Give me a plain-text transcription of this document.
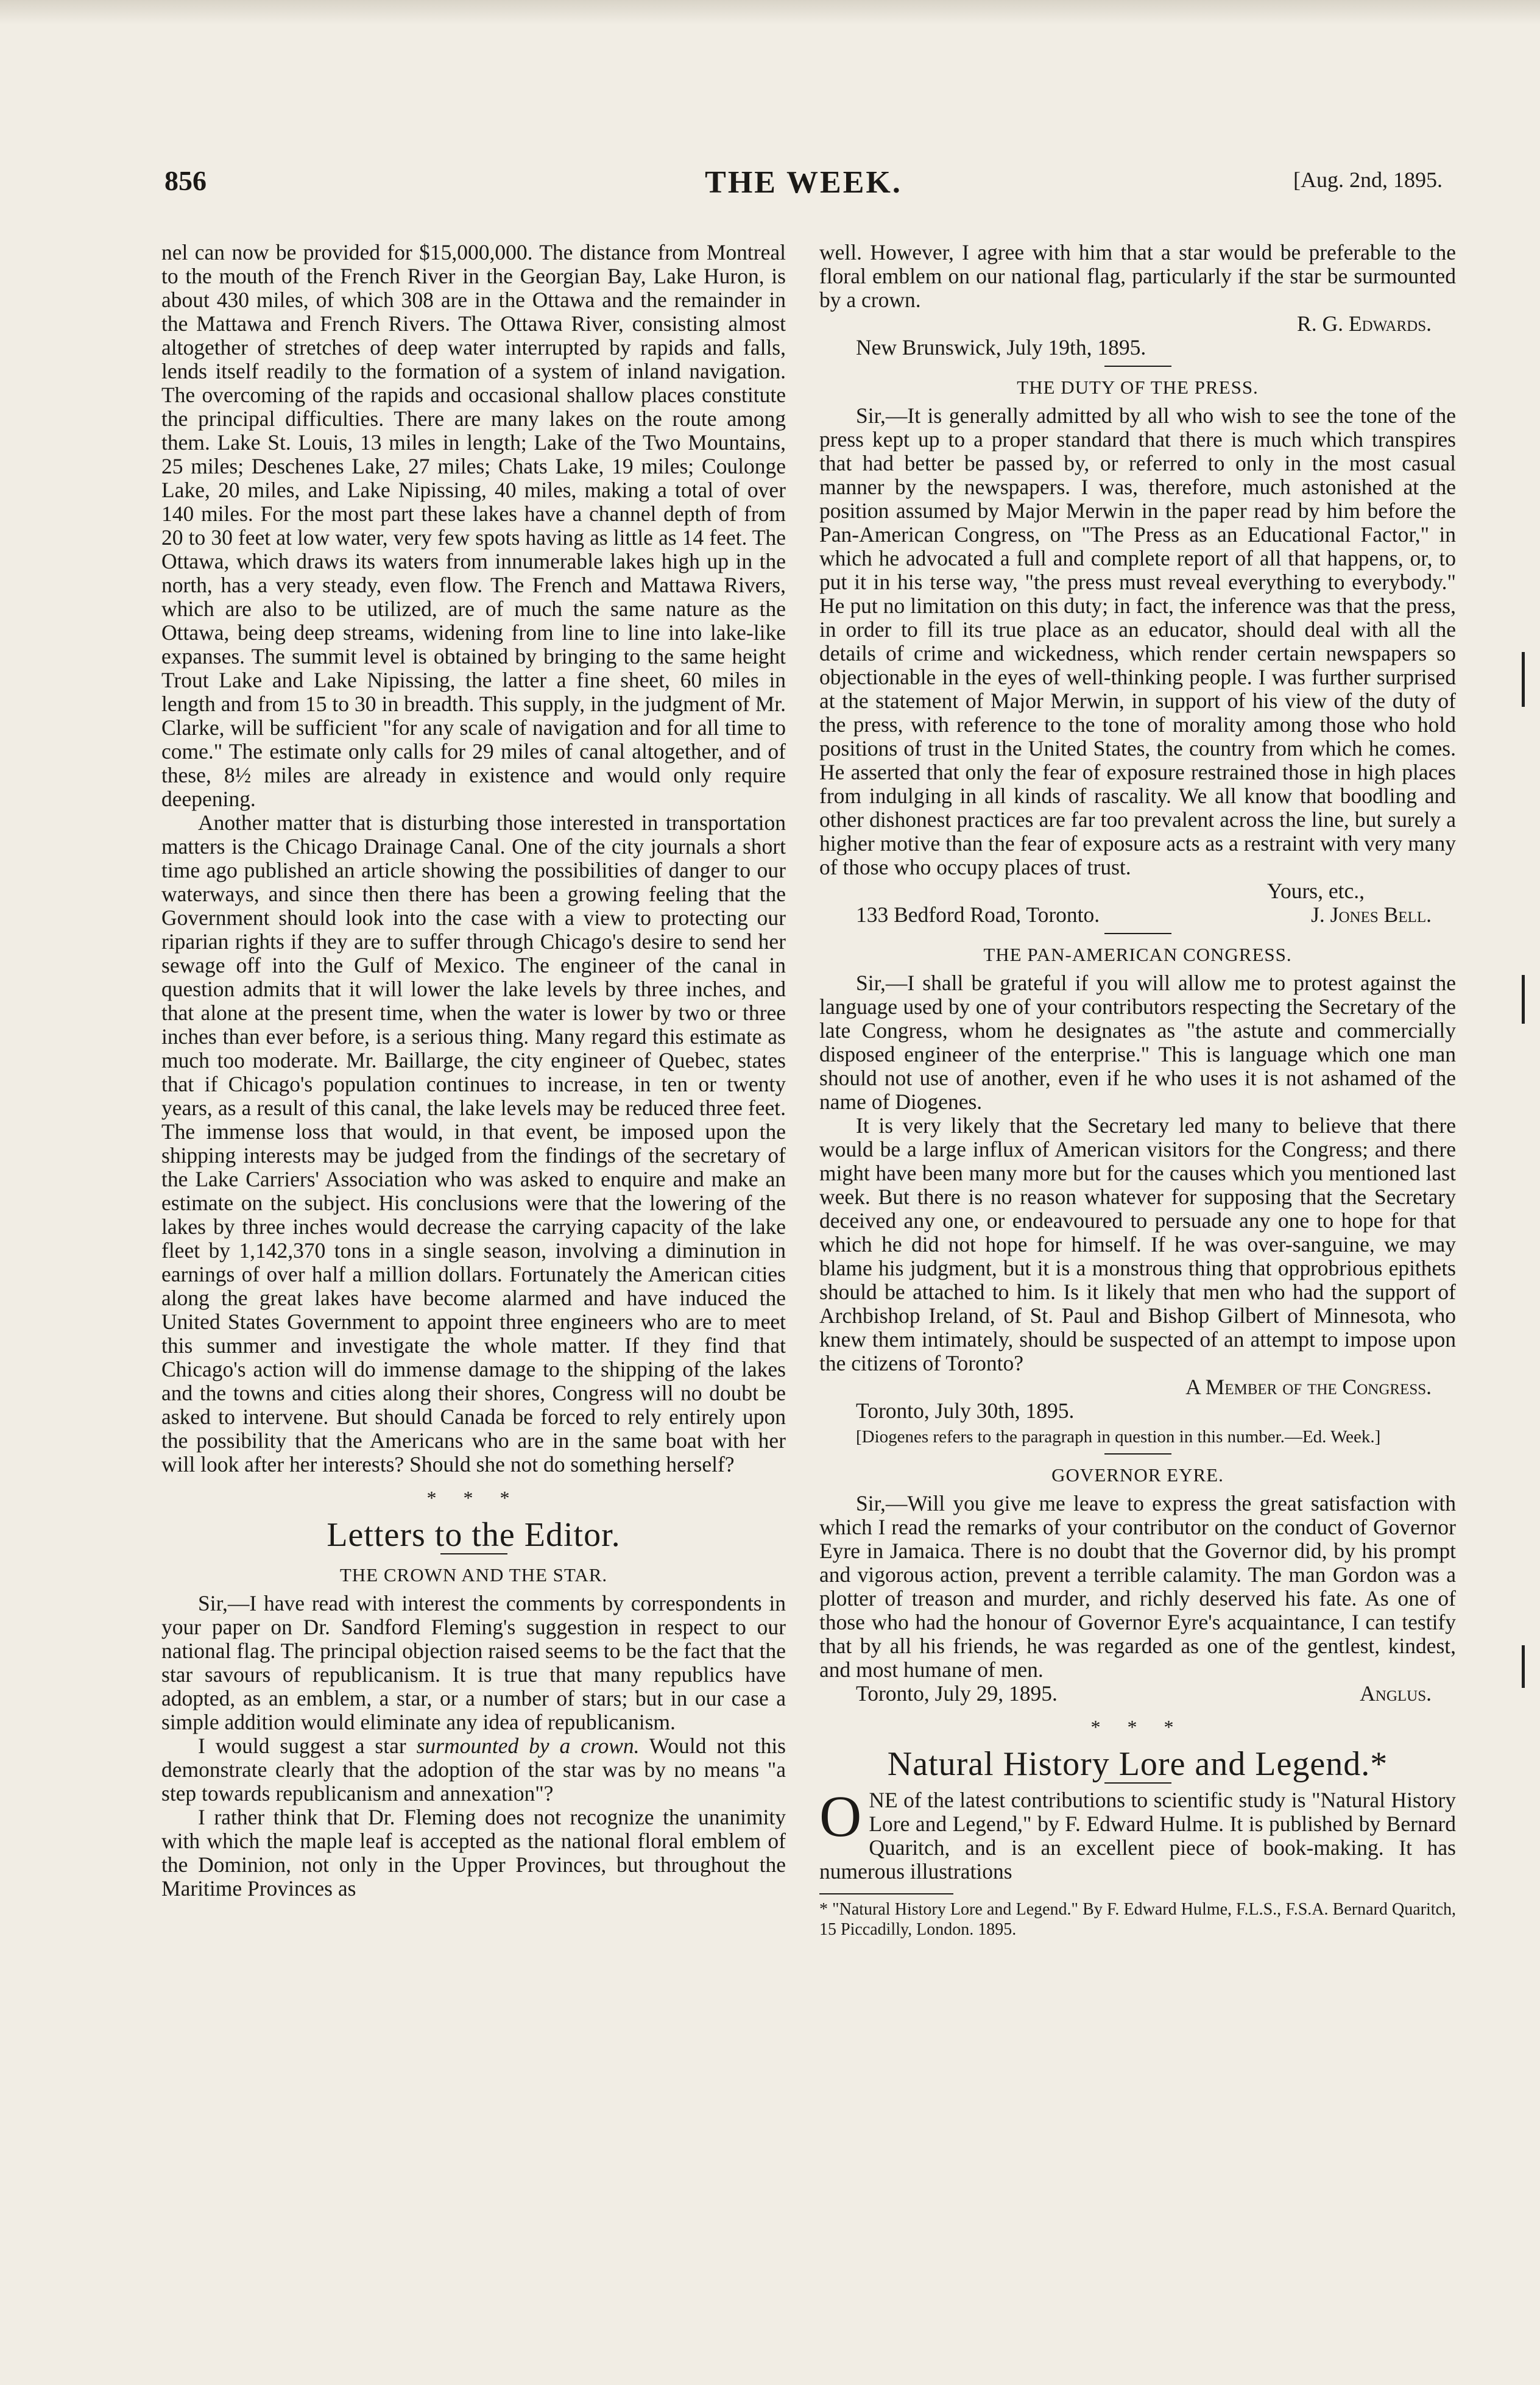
856	THE WEEK.	[Aug. 2nd, 1895.

nel can now be provided for $15,000,000. The distance from Montreal to the mouth of the French River in the Georgian Bay, Lake Huron, is about 430 miles, of which 308 are in the Ottawa and the remainder in the Mattawa and French Rivers. The Ottawa River, consisting almost altogether of stretches of deep water interrupted by rapids and falls, lends itself readily to the formation of a system of inland navigation. The overcoming of the rapids and occasional shallow places constitute the principal difficulties. There are many lakes on the route among them. Lake St. Louis, 13 miles in length; Lake of the Two Mountains, 25 miles; Deschenes Lake, 27 miles; Chats Lake, 19 miles; Coulonge Lake, 20 miles, and Lake Nipissing, 40 miles, making a total of over 140 miles. For the most part these lakes have a channel depth of from 20 to 30 feet at low water, very few spots having as little as 14 feet. The Ottawa, which draws its waters from innumerable lakes high up in the north, has a very steady, even flow. The French and Mattawa Rivers, which are also to be utilized, are of much the same nature as the Ottawa, being deep streams, widening from line to line into lake-like expanses. The summit level is obtained by bringing to the same height Trout Lake and Lake Nipissing, the latter a fine sheet, 60 miles in length and from 15 to 30 in breadth. This supply, in the judgment of Mr. Clarke, will be sufficient "for any scale of navigation and for all time to come." The estimate only calls for 29 miles of canal altogether, and of these, 8½ miles are already in existence and would only require deepening.

Another matter that is disturbing those interested in transportation matters is the Chicago Drainage Canal. One of the city journals a short time ago published an article showing the possibilities of danger to our waterways, and since then there has been a growing feeling that the Government should look into the case with a view to protecting our riparian rights if they are to suffer through Chicago's desire to send her sewage off into the Gulf of Mexico. The engineer of the canal in question admits that it will lower the lake levels by three inches, and that alone at the present time, when the water is lower by two or three inches than ever before, is a serious thing. Many regard this estimate as much too moderate. Mr. Baillarge, the city engineer of Quebec, states that if Chicago's population continues to increase, in ten or twenty years, as a result of this canal, the lake levels may be reduced three feet. The immense loss that would, in that event, be imposed upon the shipping interests may be judged from the findings of the secretary of the Lake Carriers' Association who was asked to enquire and make an estimate on the subject. His conclusions were that the lowering of the lakes by three inches would decrease the carrying capacity of the lake fleet by 1,142,370 tons in a single season, involving a diminution in earnings of over half a million dollars. Fortunately the American cities along the great lakes have become alarmed and have induced the United States Government to appoint three engineers who are to meet this summer and investigate the whole matter. If they find that Chicago's action will do immense damage to the shipping of the lakes and the towns and cities along their shores, Congress will no doubt be asked to intervene. But should Canada be forced to rely entirely upon the possibility that the Americans who are in the same boat with her will look after her interests? Should she not do something herself?

* * *
Letters to the Editor.
THE CROWN AND THE STAR.

Sir,—I have read with interest the comments by correspondents in your paper on Dr. Sandford Fleming's suggestion in respect to our national flag. The principal objection raised seems to be the fact that the star savours of republicanism. It is true that many republics have adopted, as an emblem, a star, or a number of stars; but in our case a simple addition would eliminate any idea of republicanism.

I would suggest a star surmounted by a crown. Would not this demonstrate clearly that the adoption of the star was by no means "a step towards republicanism and annexation"?

I rather think that Dr. Fleming does not recognize the unanimity with which the maple leaf is accepted as the national floral emblem of the Dominion, not only in the Upper Provinces, but throughout the Maritime Provinces as

well. However, I agree with him that a star would be preferable to the floral emblem on our national flag, particularly if the star be surmounted by a crown.

R. G. Edwards.

New Brunswick, July 19th, 1895.

THE DUTY OF THE PRESS.

Sir,—It is generally admitted by all who wish to see the tone of the press kept up to a proper standard that there is much which transpires that had better be passed by, or referred to only in the most casual manner by the newspapers. I was, therefore, much astonished at the position assumed by Major Merwin in the paper read by him before the Pan-American Congress, on "The Press as an Educational Factor," in which he advocated a full and complete report of all that happens, or, to put it in his terse way, "the press must reveal everything to everybody." He put no limitation on this duty; in fact, the inference was that the press, in order to fill its true place as an educator, should deal with all the details of crime and wickedness, which render certain newspapers so objectionable in the eyes of well-thinking people. I was further surprised at the statement of Major Merwin, in support of his view of the duty of the press, with reference to the tone of morality among those who hold positions of trust in the United States, the country from which he comes. He asserted that only the fear of exposure restrained those in high places from indulging in all kinds of rascality. We all know that boodling and other dishonest practices are far too prevalent across the line, but surely a higher motive than the fear of exposure acts as a restraint with very many of those who occupy places of trust.

Yours, etc.,
133 Bedford Road, Toronto.	J. Jones Bell.
THE PAN-AMERICAN CONGRESS.

Sir,—I shall be grateful if you will allow me to protest against the language used by one of your contributors respecting the Secretary of the late Congress, whom he designates as "the astute and commercially disposed engineer of the enterprise." This is language which one man should not use of another, even if he who uses it is not ashamed of the name of Diogenes.

It is very likely that the Secretary led many to believe that there would be a large influx of American visitors for the Congress; and there might have been many more but for the causes which you mentioned last week. But there is no reason whatever for supposing that the Secretary deceived any one, or endeavoured to persuade any one to hope for that which he did not hope for himself. If he was over-sanguine, we may blame his judgment, but it is a monstrous thing that opprobrious epithets should be attached to him. Is it likely that men who had the support of Archbishop Ireland, of St. Paul and Bishop Gilbert of Minnesota, who knew them intimately, should be suspected of an attempt to impose upon the citizens of Toronto?

A Member of the Congress.

Toronto, July 30th, 1895.

[Diogenes refers to the paragraph in question in this number.—Ed. Week.]

GOVERNOR EYRE.

Sir,—Will you give me leave to express the great satisfaction with which I read the remarks of your contributor on the conduct of Governor Eyre in Jamaica. There is no doubt that the Governor did, by his prompt and vigorous action, prevent a terrible calamity. The man Gordon was a plotter of treason and murder, and richly deserved his fate. As one of those who had the honour of Governor Eyre's acquaintance, I can testify that by all his friends, he was regarded as one of the gentlest, kindest, and most humane of men.

Toronto, July 29, 1895.	Anglus.
* * *
Natural History Lore and Legend.*

ONE of the latest contributions to scientific study is "Natural History Lore and Legend," by F. Edward Hulme. It is published by Bernard Quaritch, and is an excellent piece of book-making. It has numerous illustrations

* "Natural History Lore and Legend." By F. Edward Hulme, F.L.S., F.S.A. Bernard Quaritch, 15 Piccadilly, London. 1895.
